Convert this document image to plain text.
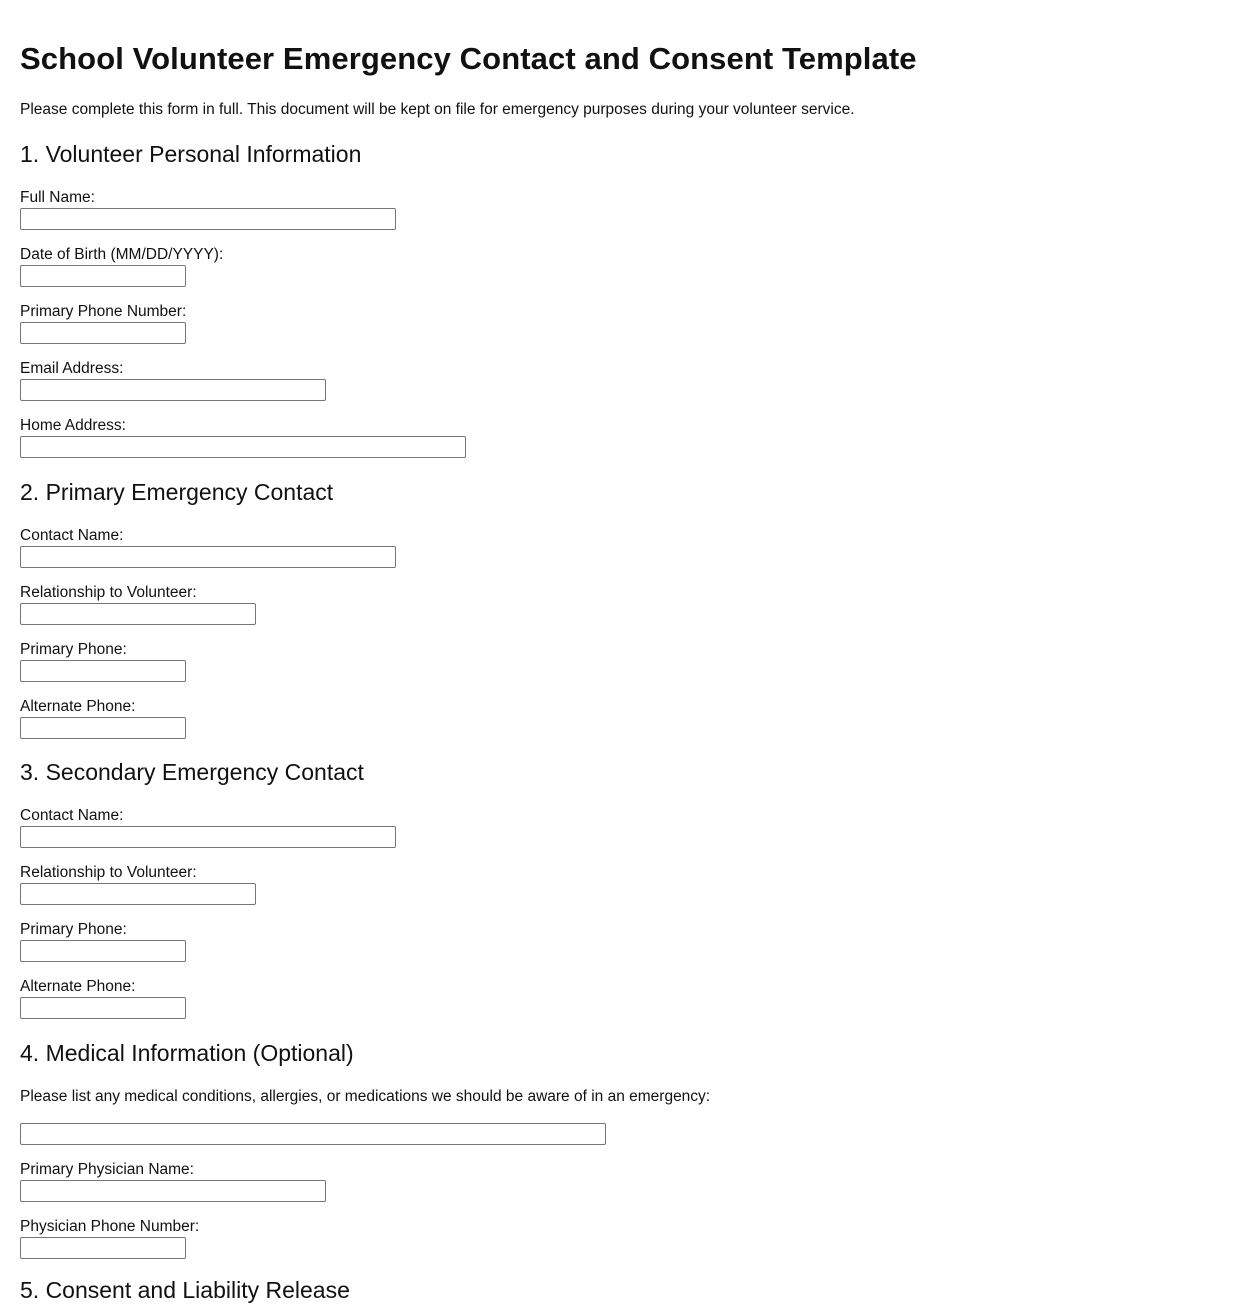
School Volunteer Emergency Contact and Consent Template

Please complete this form in full. This document will be kept on file for emergency purposes during your volunteer service.

1. Volunteer Personal Information
Full Name:
Date of Birth (MM/DD/YYYY):
Primary Phone Number:
Email Address:
Home Address:
2. Primary Emergency Contact
Contact Name:
Relationship to Volunteer:
Primary Phone:
Alternate Phone:
3. Secondary Emergency Contact
Contact Name:
Relationship to Volunteer:
Primary Phone:
Alternate Phone:
4. Medical Information (Optional)

Please list any medical conditions, allergies, or medications we should be aware of in an emergency:

Primary Physician Name:
Physician Phone Number:
5. Consent and Liability Release
